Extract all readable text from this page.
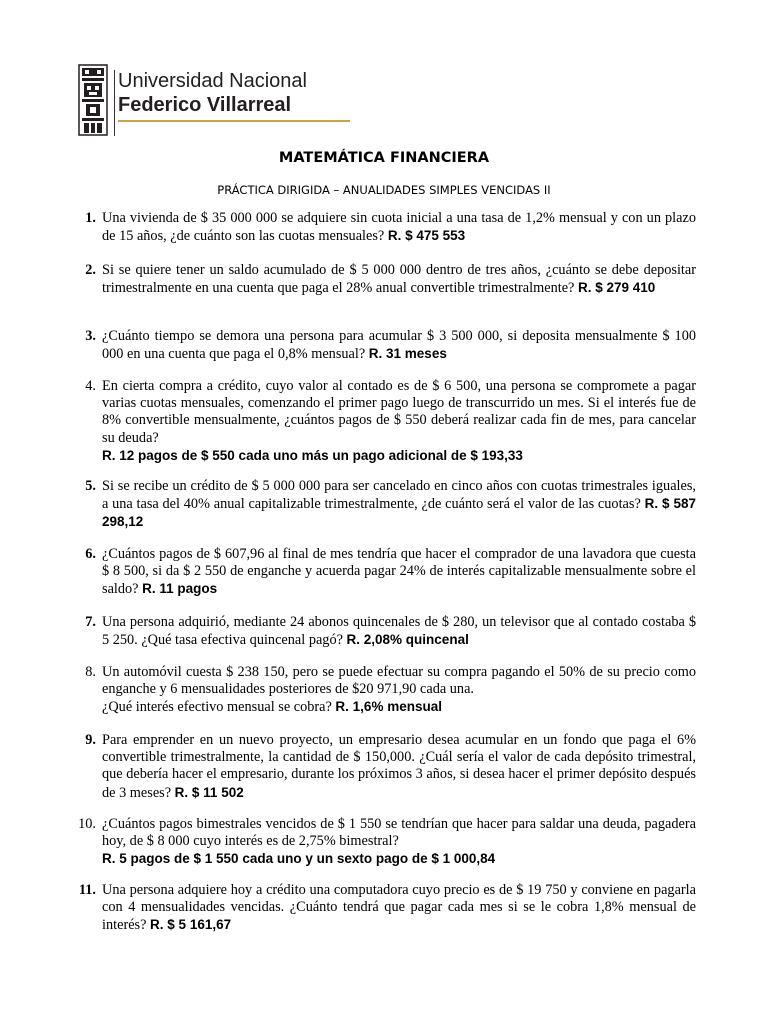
Universidad Nacional
Federico Villarreal
MATEMÁTICA FINANCIERA
PRÁCTICA DIRIGIDA – ANUALIDADES SIMPLES VENCIDAS II
1. Una vivienda de $ 35 000 000 se adquiere sin cuota inicial a una tasa de 1,2% mensual y con un plazo de 15 años, ¿de cuánto son las cuotas mensuales? R. $ 475 553
2. Si se quiere tener un saldo acumulado de $ 5 000 000 dentro de tres años, ¿cuánto se debe depositar trimestralmente en una cuenta que paga el 28% anual convertible trimestralmente? R. $ 279 410
3. ¿Cuánto tiempo se demora una persona para acumular $ 3 500 000, si deposita mensualmente $ 100 000 en una cuenta que paga el 0,8% mensual? R. 31 meses
4. En cierta compra a crédito, cuyo valor al contado es de $ 6 500, una persona se compromete a pagar varias cuotas mensuales, comenzando el primer pago luego de transcurrido un mes. Si el interés fue de 8% convertible mensualmente, ¿cuántos pagos de $ 550 deberá realizar cada fin de mes, para cancelar su deuda?
R. 12 pagos de $ 550 cada uno más un pago adicional de $ 193,33
5. Si se recibe un crédito de $ 5 000 000 para ser cancelado en cinco años con cuotas trimestrales iguales, a una tasa del 40% anual capitalizable trimestralmente, ¿de cuánto será el valor de las cuotas? R. $ 587 298,12
6. ¿Cuántos pagos de $ 607,96 al final de mes tendría que hacer el comprador de una lavadora que cuesta $ 8 500, si da $ 2 550 de enganche y acuerda pagar 24% de interés capitalizable mensualmente sobre el saldo? R. 11 pagos
7. Una persona adquirió, mediante 24 abonos quincenales de $ 280, un televisor que al contado costaba $ 5 250. ¿Qué tasa efectiva quincenal pagó? R. 2,08% quincenal
8. Un automóvil cuesta $ 238 150, pero se puede efectuar su compra pagando el 50% de su precio como enganche y 6 mensualidades posteriores de $20 971,90 cada una.
¿Qué interés efectivo mensual se cobra? R. 1,6% mensual
9. Para emprender en un nuevo proyecto, un empresario desea acumular en un fondo que paga el 6% convertible trimestralmente, la cantidad de $ 150,000. ¿Cuál sería el valor de cada depósito trimestral, que debería hacer el empresario, durante los próximos 3 años, si desea hacer el primer depósito después de 3 meses? R. $ 11 502
10. ¿Cuántos pagos bimestrales vencidos de $ 1 550 se tendrían que hacer para saldar una deuda, pagadera hoy, de $ 8 000 cuyo interés es de 2,75% bimestral?
R. 5 pagos de $ 1 550 cada uno y un sexto pago de $ 1 000,84
11. Una persona adquiere hoy a crédito una computadora cuyo precio es de $ 19 750 y conviene en pagarla con 4 mensualidades vencidas. ¿Cuánto tendrá que pagar cada mes si se le cobra 1,8% mensual de interés? R. $ 5 161,67
